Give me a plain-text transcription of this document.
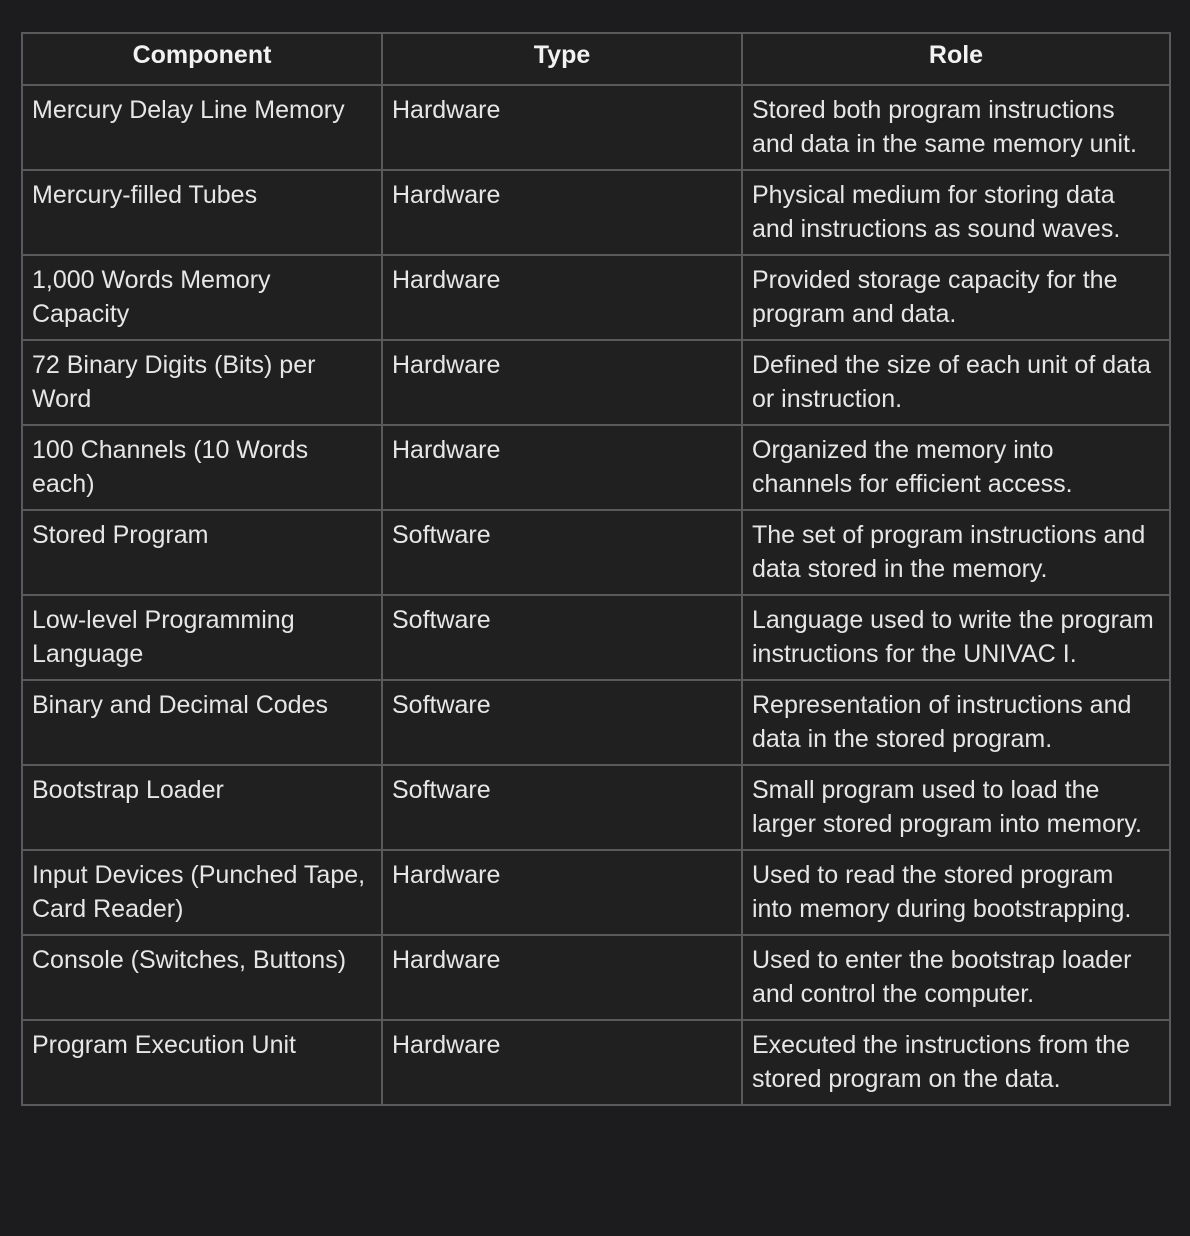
Component	Type	Role
Mercury Delay Line Memory	Hardware	Stored both program instructions and data in the same memory unit.
Mercury-filled Tubes	Hardware	Physical medium for storing data and instructions as sound waves.
1,000 Words Memory Capacity	Hardware	Provided storage capacity for the program and data.
72 Binary Digits (Bits) per Word	Hardware	Defined the size of each unit of data or instruction.
100 Channels (10 Words each)	Hardware	Organized the memory into channels for efficient access.
Stored Program	Software	The set of program instructions and data stored in the memory.
Low-level Programming Language	Software	Language used to write the program instructions for the UNIVAC I.
Binary and Decimal Codes	Software	Representation of instructions and data in the stored program.
Bootstrap Loader	Software	Small program used to load the larger stored program into memory.
Input Devices (Punched Tape, Card Reader)	Hardware	Used to read the stored program into memory during bootstrapping.
Console (Switches, Buttons)	Hardware	Used to enter the bootstrap loader and control the computer.
Program Execution Unit	Hardware	Executed the instructions from the stored program on the data.
